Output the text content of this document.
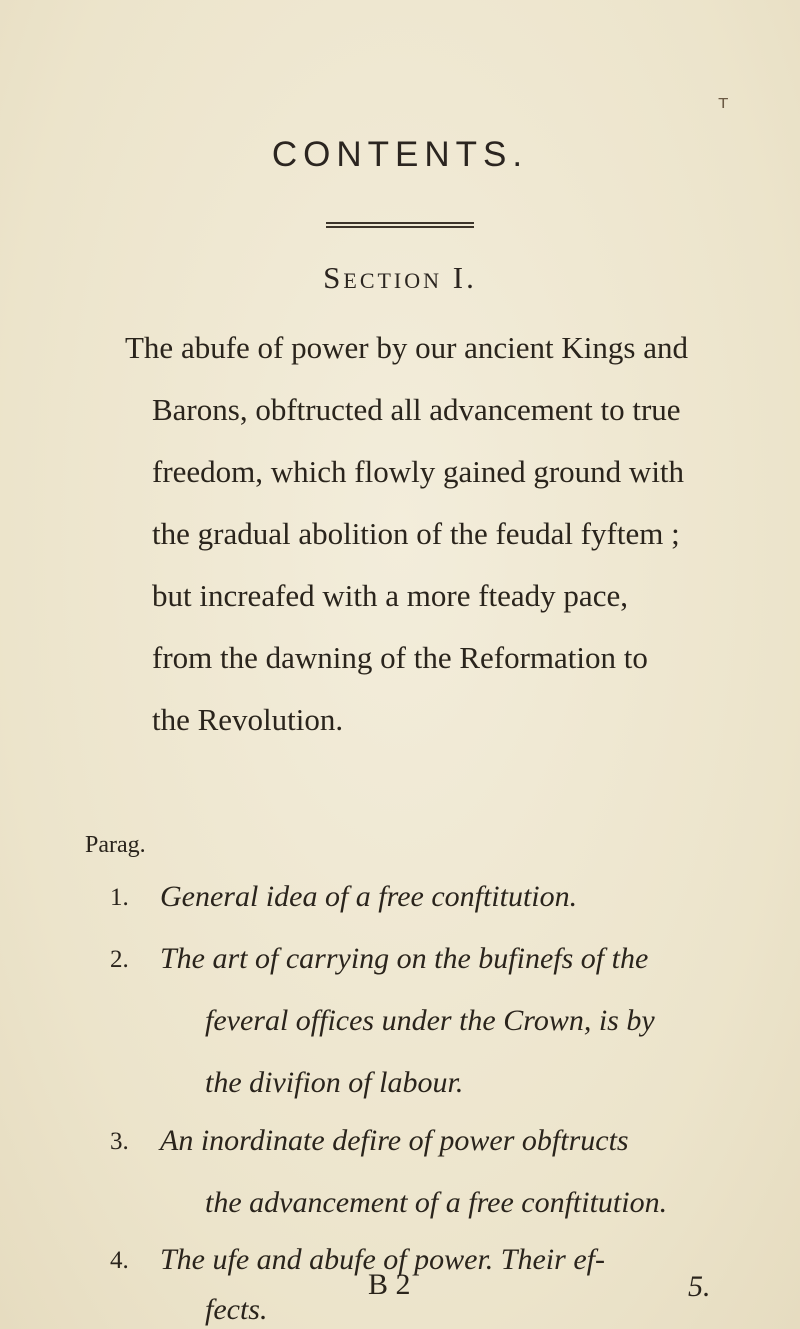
ᴛ
CONTENTS.
Section I.
The abufe of power by our ancient Kings and
Barons, obftructed all advancement to true
freedom, which flowly gained ground with
the gradual abolition of the feudal fyftem ;
but increafed with a more fteady pace,
from the dawning of the Reformation to
the Revolution.
Parag.
1. General idea of a free conftitution.
2. The art of carrying on the bufinefs of the
feveral offices under the Crown, is by
the divifion of labour.
3. An inordinate defire of power obftructs
the advancement of a free conftitution.
4. The ufe and abufe of power. Their ef-
fects.
B 2	5.
